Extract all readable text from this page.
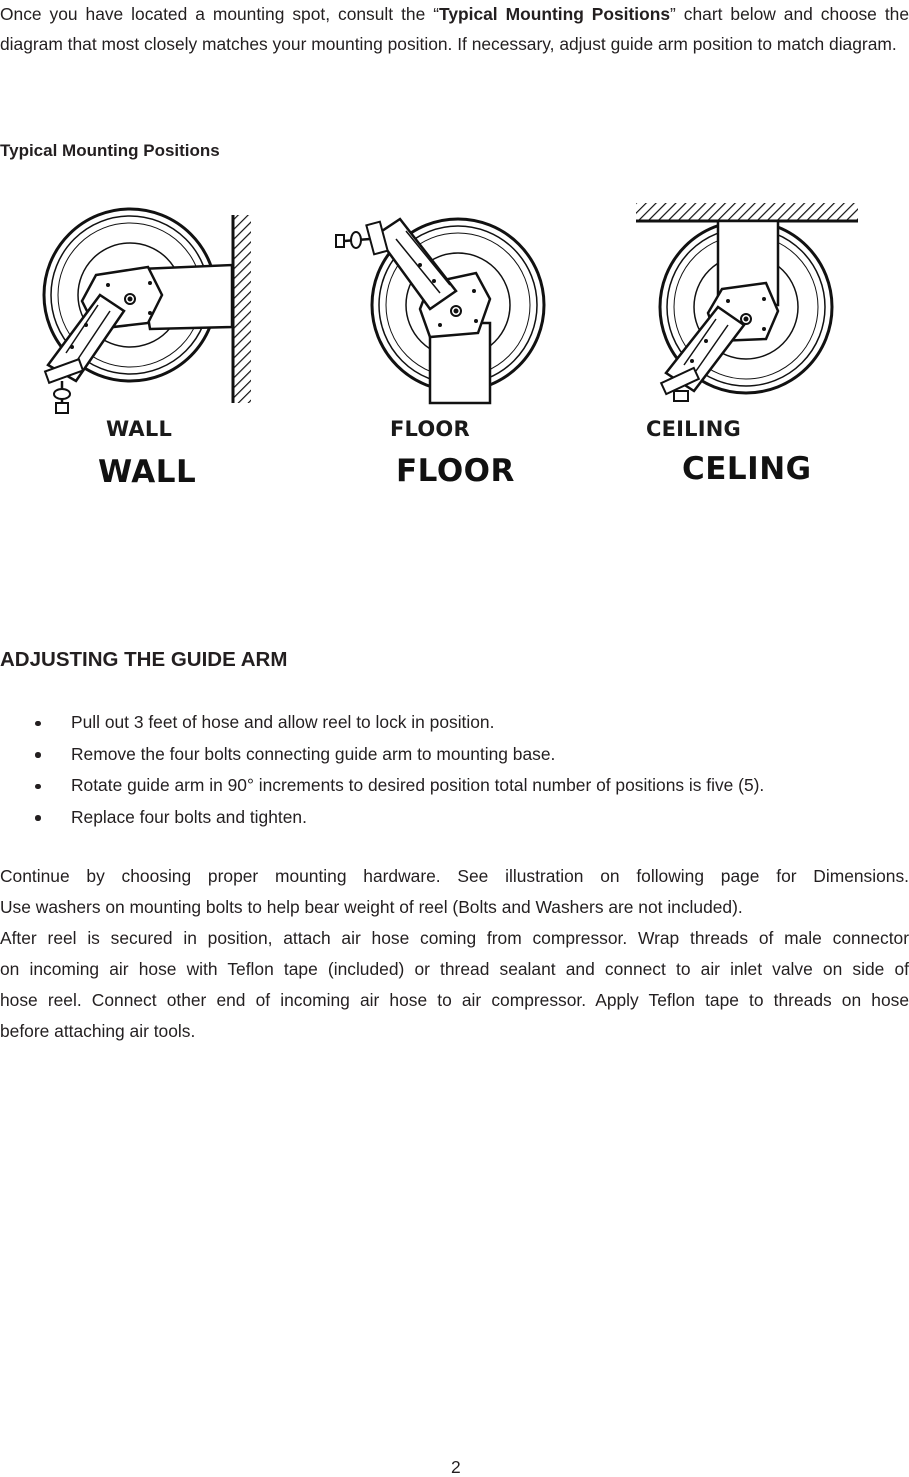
Once you have located a mounting spot, consult the “Typical Mounting Positions” chart below and choose the diagram that most closely matches your mounting position. If necessary, adjust guide arm position to match diagram.

Typical Mounting Positions
WALL	FLOOR	CEILING
WALL	FLOOR	CELING
ADJUSTING THE GUIDE ARM
Pull out 3 feet of hose and allow reel to lock in position.
Remove the four bolts connecting guide arm to mounting base.
Rotate guide arm in 90° increments to desired position total number of positions is five (5).
Replace four bolts and tighten.
Continue by choosing proper mounting hardware. See illustration on following page for Dimensions.
Use washers on mounting bolts to help bear weight of reel (Bolts and Washers are not included).
After reel is secured in position, attach air hose coming from compressor. Wrap threads of male connector
on incoming air hose with Teflon tape (included) or thread sealant and connect to air inlet valve on side of
hose reel. Connect other end of incoming air hose to air compressor. Apply Teflon tape to threads on hose
before attaching air tools.
2
